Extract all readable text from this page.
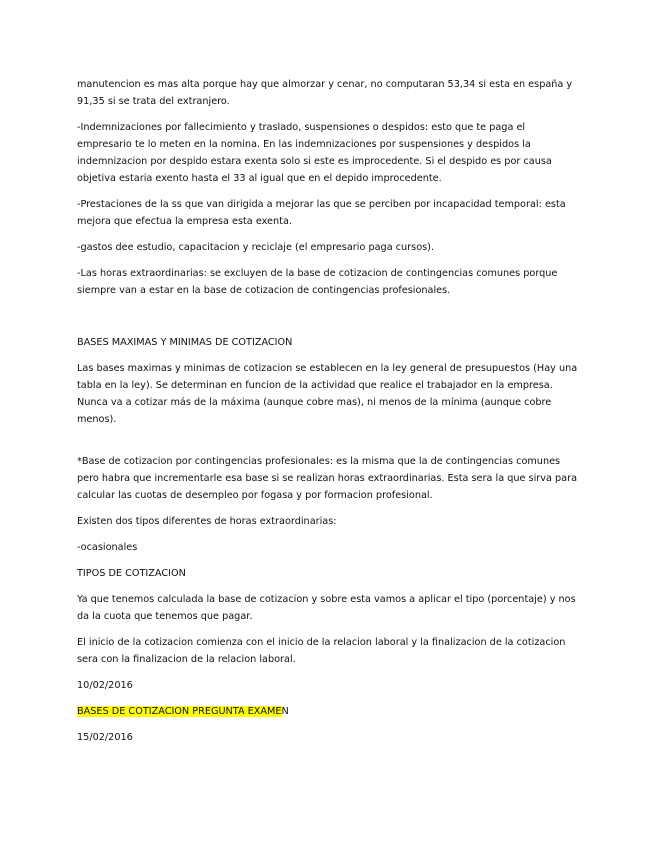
manutencion es mas alta porque hay que almorzar y cenar, no computaran 53,34 si esta en españa y 91,35 si se trata del extranjero.

-Indemnizaciones por fallecimiento y traslado, suspensiones o despidos: esto que te paga el empresario te lo meten en la nomina. En las indemnizaciones por suspensiones y despidos la indemnizacion por despido estara exenta solo si este es improcedente. Si el despido es por causa objetiva estaria exento hasta el 33 al igual que en el depido improcedente.

-Prestaciones de la ss que van dirigida a mejorar las que se perciben por incapacidad temporal: esta mejora que efectua la empresa esta exenta.

-gastos dee estudio, capacitacion y reciclaje (el empresario paga cursos).

-Las horas extraordinarias: se excluyen de la base de cotizacion de contingencias comunes porque siempre van a estar en la base de cotizacion de contingencias profesionales.

BASES MAXIMAS Y MINIMAS DE COTIZACION

Las bases maximas y minimas de cotizacion se establecen en la ley general de presupuestos (Hay una tabla en la ley). Se determinan en funcion de la actividad que realice el trabajador en la empresa. Nunca va a cotizar más de la máxima (aunque cobre mas), ni menos de la mínima (aunque cobre menos).

*Base de cotizacion por contingencias profesionales: es la misma que la de contingencias comunes pero habra que incrementarle esa base si se realizan horas extraordinarias. Esta sera la que sirva para calcular las cuotas de desempleo por fogasa y por formacion profesional.

Existen dos tipos diferentes de horas extraordinarias:

-ocasionales

TIPOS DE COTIZACION

Ya que tenemos calculada la base de cotizacion y sobre esta vamos a aplicar el tipo (porcentaje) y nos da la cuota que tenemos que pagar.

El inicio de la cotizacion comienza con el inicio de la relacion laboral y la finalizacion de la cotizacion sera con la finalizacion de la relacion laboral.

10/02/2016

BASES DE COTIZACION PREGUNTA EXAMEN

15/02/2016
